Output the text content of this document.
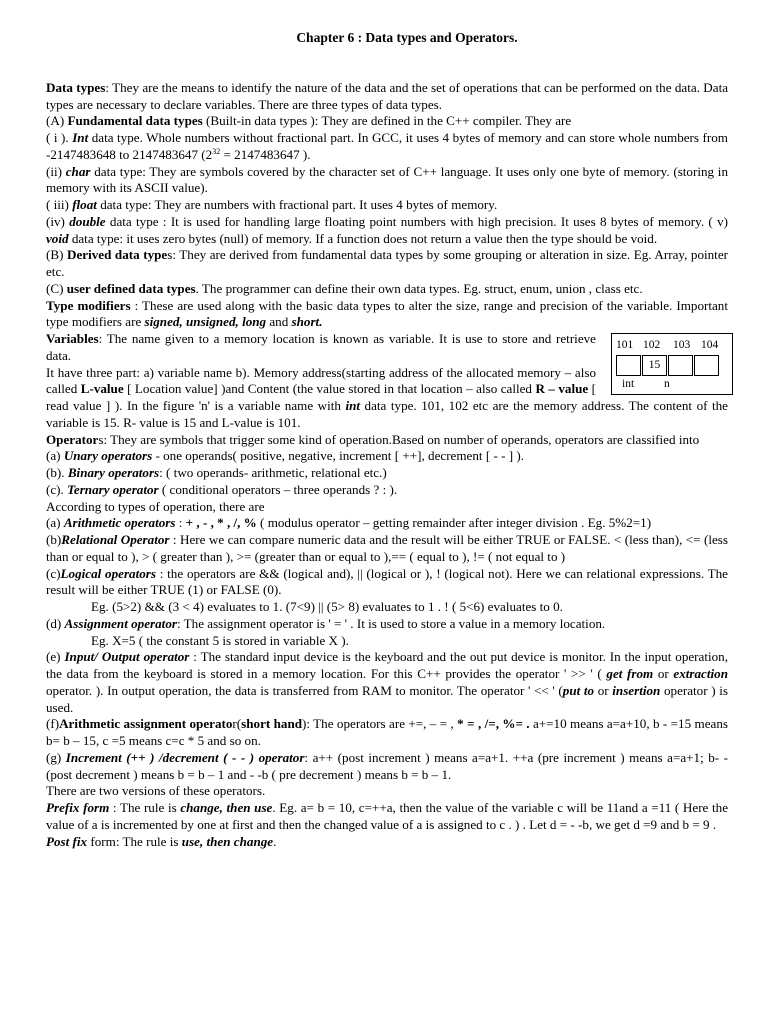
Chapter 6 : Data types and Operators.

Data types: They are the means to identify the nature of the data and the set of operations that can be performed on the data. Data types are necessary to declare variables. There are three types of data types.

(A) Fundamental data types (Built-in data types ): They are defined in the C++ compiler. They are

( i ). Int data type. Whole numbers without fractional part. In GCC, it uses 4 bytes of memory and can store whole numbers from -2147483648 to 2147483647 ($2^{32} = 2147483647$ ).

(ii) char data type: They are symbols covered by the character set of C++ language. It uses only one byte of memory. (storing in memory with its ASCII value).

( iii) float data type: They are numbers with fractional part. It uses 4 bytes of memory.

(iv) double data type : It is used for handling large floating point numbers with high precision. It uses 8 bytes of memory. ( v) void data type: it uses zero bytes (null) of memory. If a function does not return a value then the type should be void.

(B) Derived data types: They are derived from fundamental data types by some grouping or alteration in size. Eg. Array, pointer etc.

(C) user defined data types. The programmer can define their own data types. Eg. struct, enum, union , class etc.

Type modifiers : These are used along with the basic data types to alter the size, range and precision of the variable. Important type modifiers are signed, unsigned, long and short.

Variables: The name given to a memory location is known as variable. It is use to store and retrieve data.

It have three part: a) variable name b). Memory address(starting address of the allocated memory – also called L-value [ Location value] )and Content (the value stored in that location – also called R – value [ read value ] ). In the figure 'n' is a variable name with int data type. 101, 102 etc are the memory address. The content of the variable is 15. R- value is 15 and L-value is 101.

Operators: They are symbols that trigger some kind of operation.Based on number of operands, operators are classified into

(a) Unary operators - one operands( positive, negative, increment [ ++], decrement [ - - ] ).

(b). Binary operators: ( two operands- arithmetic, relational etc.)

(c). Ternary operator ( conditional operators – three operands ? : ).

According to types of operation, there are

(a) Arithmetic operators : + , - , * , /, % ( modulus operator – getting remainder after integer division . Eg. 5%2=1)

(b)Relational Operator : Here we can compare numeric data and the result will be either TRUE or FALSE. < (less than), <= (less than or equal to ), > ( greater than ), >= (greater than or equal to ),== ( equal to ), != ( not equal to )

(c)Logical operators : the operators are && (logical and), || (logical or ), ! (logical not). Here we can relational expressions. The result will be either TRUE (1) or FALSE (0).

Eg. (5>2) && (3 < 4) evaluates to 1. (7<9) || (5> 8) evaluates to 1 . ! ( 5<6) evaluates to 0.

(d) Assignment operator: The assignment operator is ' = ' . It is used to store a value in a memory location.

Eg. X=5 ( the constant 5 is stored in variable X ).

(e) Input/ Output operator : The standard input device is the keyboard and the out put device is monitor. In the input operation, the data from the keyboard is stored in a memory location. For this C++ provides the operator ' >> ' ( get from or extraction operator. ). In output operation, the data is transferred from RAM to monitor. The operator ' << ' (put to or insertion operator ) is used.

(f)Arithmetic assignment operator(short hand): The operators are +=, – = , * = , /=, %= . a+=10 means a=a+10, b - =15 means b= b – 15, c =5 means c=c * 5 and so on.

(g) Increment (++ ) /decrement ( - - ) operator: a++ (post increment ) means a=a+1. ++a (pre increment ) means a=a+1; b- - (post decrement ) means b = b – 1 and - -b ( pre decrement ) means b = b – 1.

There are two versions of these operators.

Prefix form : The rule is change, then use. Eg. a= b = 10, c=++a, then the value of the variable c will be 11and a =11 ( Here the value of a is incremented by one at first and then the changed value of a is assigned to c . ) . Let d = - -b, we get d =9 and b = 9 .

Post fix form: The rule is use, then change.

101 102 103 104
15
int	n
